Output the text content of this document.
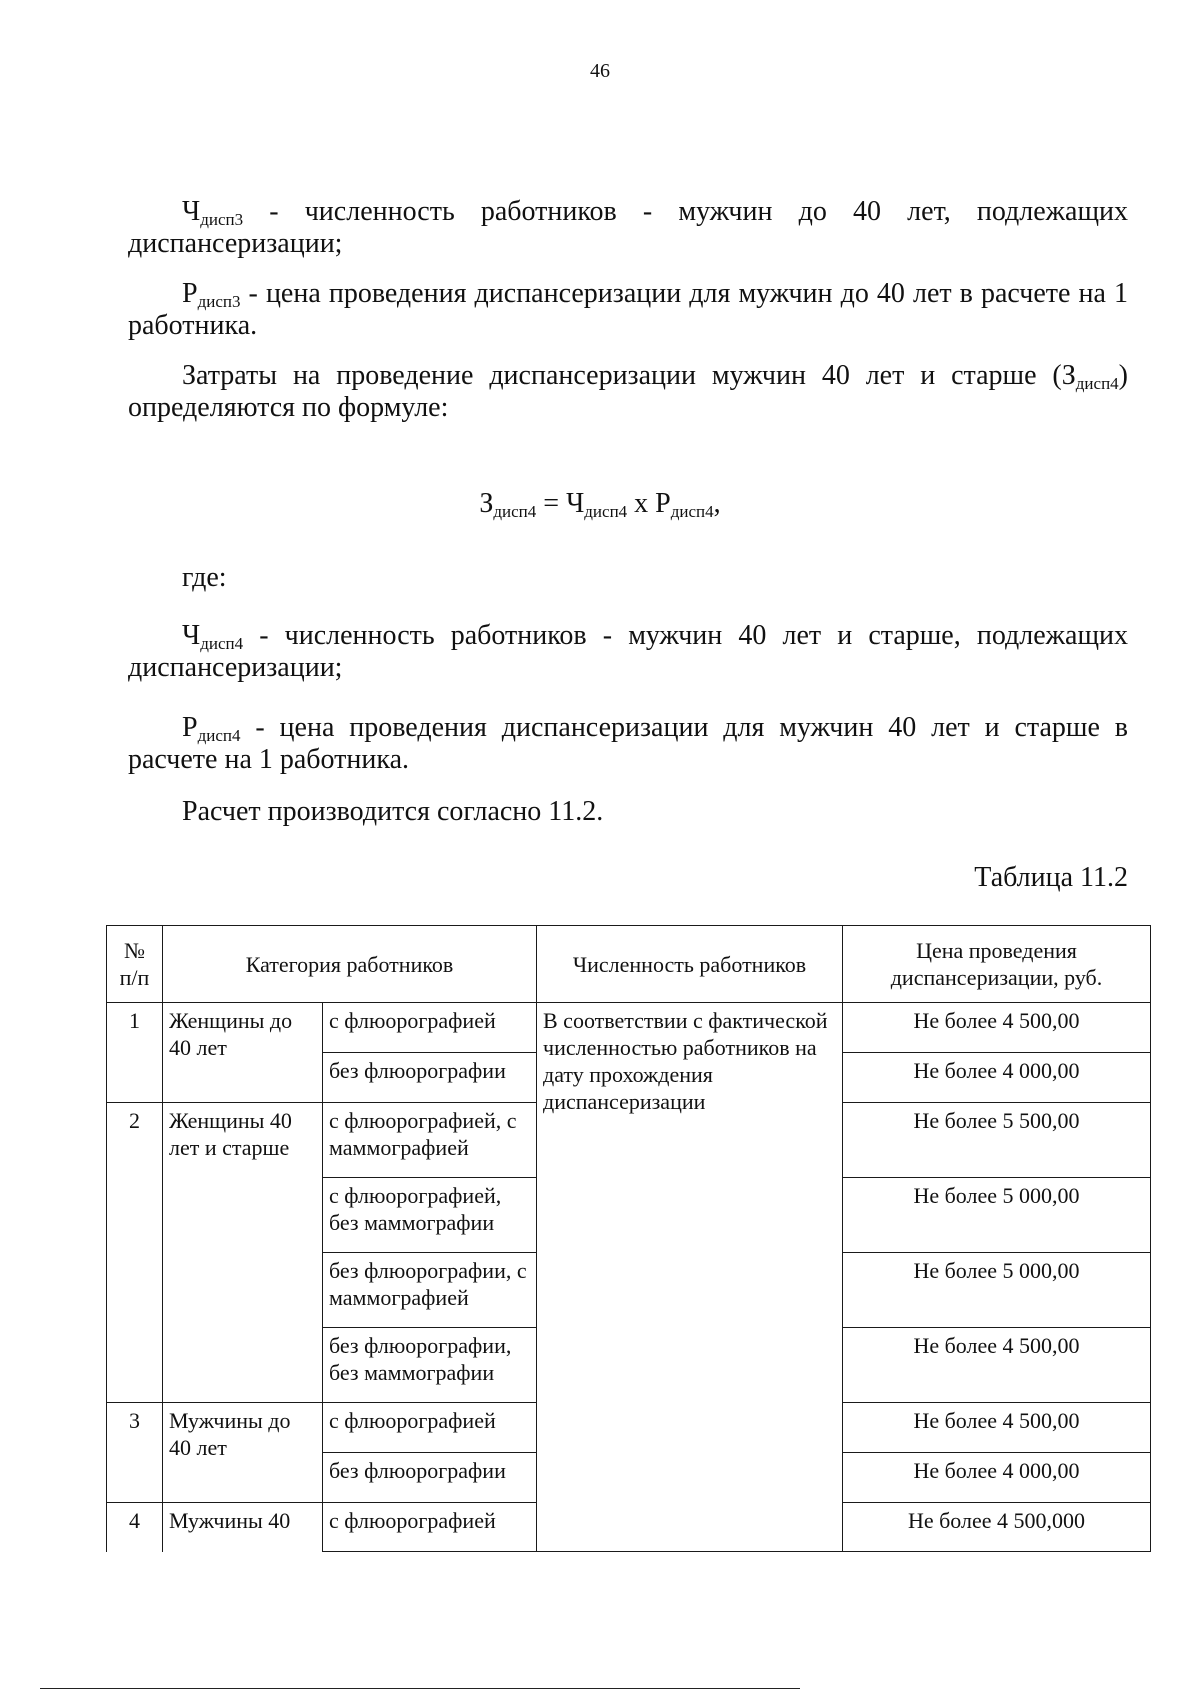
46
$Ч_{дисп3}$ - численность работников - мужчин до 40 лет, подлежащих
диспансеризации;
$Р_{дисп3}$ - цена проведения диспансеризации для мужчин до 40 лет в расчете на 1 работника.
Затраты на проведение диспансеризации мужчин 40 лет и старше $(З_{дисп4})$ определяются по формуле:
$З_{дисп4} = Ч_{дисп4}$ х $Р_{дисп4}$,
где:
$Ч_{дисп4}$ - численность работников - мужчин 40 лет и старше, подлежащих
диспансеризации;
$Р_{дисп4}$ - цена проведения диспансеризации для мужчин 40 лет и старше в расчете на 1 работника.
Расчет производится согласно 11.2.
Таблица 11.2
№ п/п	Категория работников		Численность работников	Цена проведения диспансеризации, руб.
1	Женщины до 40 лет	с флюорографией	В соответствии с фактической численностью работников на дату прохождения диспансеризации	Не более 4 500,00
		без флюорографии		Не более 4 000,00
2	Женщины 40 лет и старше	с флюорографией, с маммографией		Не более 5 500,00
		с флюорографией, без маммографии		Не более 5 000,00
		без флюорографии, с маммографией		Не более 5 000,00
		без флюорографии, без маммографии		Не более 4 500,00
3	Мужчины до 40 лет	с флюорографией		Не более 4 500,00
		без флюорографии		Не более 4 000,00
4	Мужчины 40	с флюорографией		Не более 4 500,000
